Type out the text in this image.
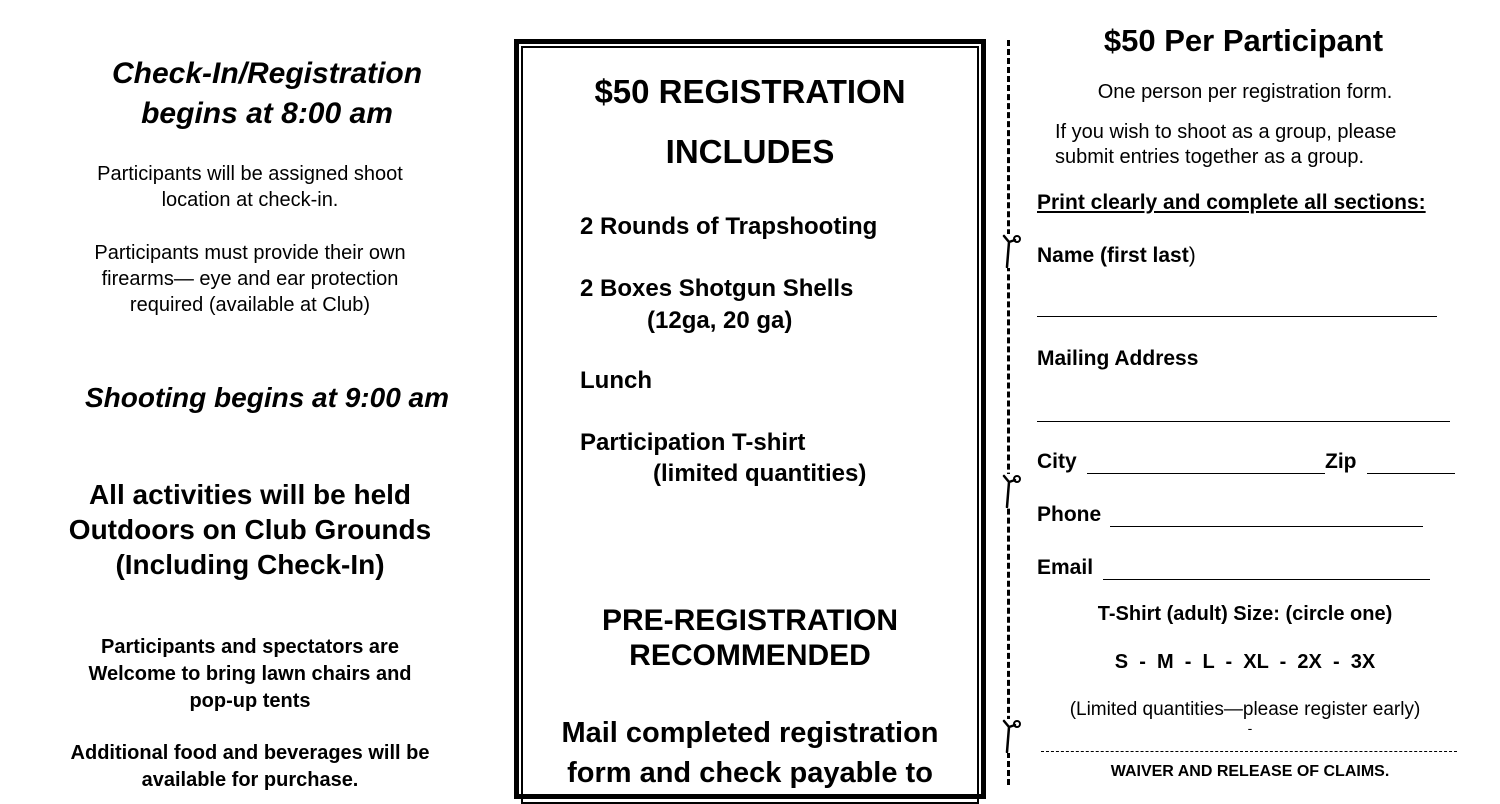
Check-In/Registration
begins at 8:00 am
Participants will be assigned shoot
location at check-in.
Participants must provide their own
firearms— eye and ear protection
required (available at Club)
Shooting begins at 9:00 am
All activities will be held
Outdoors on Club Grounds
(Including Check-In)
Participants and spectators are
Welcome to bring lawn chairs and
pop-up tents
Additional food and beverages will be
available for purchase.
$50 REGISTRATION
INCLUDES
2 Rounds of Trapshooting
2 Boxes Shotgun Shells
(12ga, 20 ga)
Lunch
Participation T-shirt
(limited quantities)
PRE-REGISTRATION
RECOMMENDED
Mail completed registration
form and check payable to
$50 Per Participant
One person per registration form.
If you wish to shoot as a group, please
submit entries together as a group.
Print clearly and complete all sections:
Name (first last)
Mailing Address
City	Zip
Phone
Email
T-Shirt (adult) Size: (circle one)
S  -  M  -  L  -  XL  -  2X  -  3X
(Limited quantities—please register early)
-
WAIVER AND RELEASE OF CLAIMS.
